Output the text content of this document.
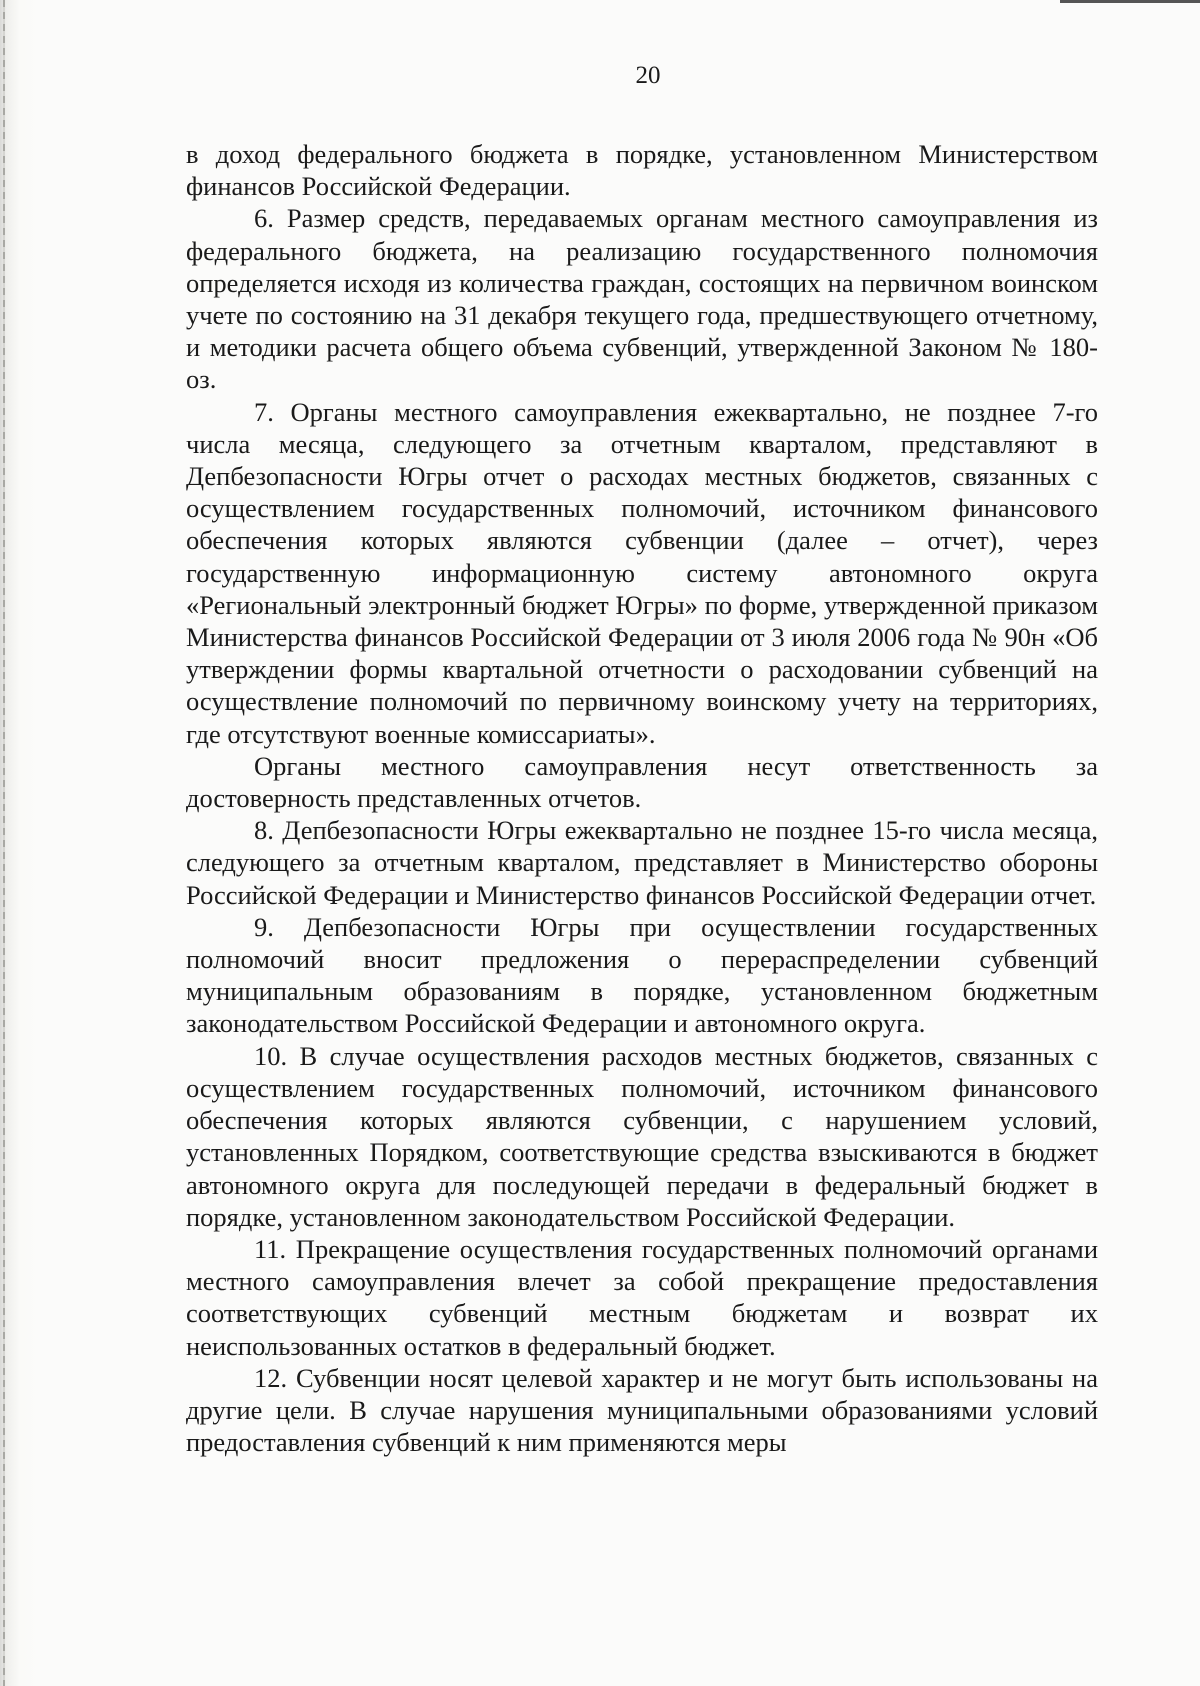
20

в доход федерального бюджета в порядке, установленном Министерством финансов Российской Федерации.

6. Размер средств, передаваемых органам местного самоуправления из федерального бюджета, на реализацию государственного полномочия определяется исходя из количества граждан, состоящих на первичном воинском учете по состоянию на 31 декабря текущего года, предшествующего отчетному, и методики расчета общего объема субвенций, утвержденной Законом № 180-оз.

7. Органы местного самоуправления ежеквартально, не позднее 7-го числа месяца, следующего за отчетным кварталом, представляют в Депбезопасности Югры отчет о расходах местных бюджетов, связанных с осуществлением государственных полномочий, источником финансового обеспечения которых являются субвенции (далее – отчет), через государственную информационную систему автономного округа «Региональный электронный бюджет Югры» по форме, утвержденной приказом Министерства финансов Российской Федерации от 3 июля 2006 года № 90н «Об утверждении формы квартальной отчетности о расходовании субвенций на осуществление полномочий по первичному воинскому учету на территориях, где отсутствуют военные комиссариаты».

Органы местного самоуправления несут ответственность за достоверность представленных отчетов.

8. Депбезопасности Югры ежеквартально не позднее 15-го числа месяца, следующего за отчетным кварталом, представляет в Министерство обороны Российской Федерации и Министерство финансов Российской Федерации отчет.

9. Депбезопасности Югры при осуществлении государственных полномочий вносит предложения о перераспределении субвенций муниципальным образованиям в порядке, установленном бюджетным законодательством Российской Федерации и автономного округа.

10. В случае осуществления расходов местных бюджетов, связанных с осуществлением государственных полномочий, источником финансового обеспечения которых являются субвенции, с нарушением условий, установленных Порядком, соответствующие средства взыскиваются в бюджет автономного округа для последующей передачи в федеральный бюджет в порядке, установленном законодательством Российской Федерации.

11. Прекращение осуществления государственных полномочий органами местного самоуправления влечет за собой прекращение предоставления соответствующих субвенций местным бюджетам и возврат их неиспользованных остатков в федеральный бюджет.

12. Субвенции носят целевой характер и не могут быть использованы на другие цели. В случае нарушения муниципальными образованиями условий предоставления субвенций к ним применяются меры
